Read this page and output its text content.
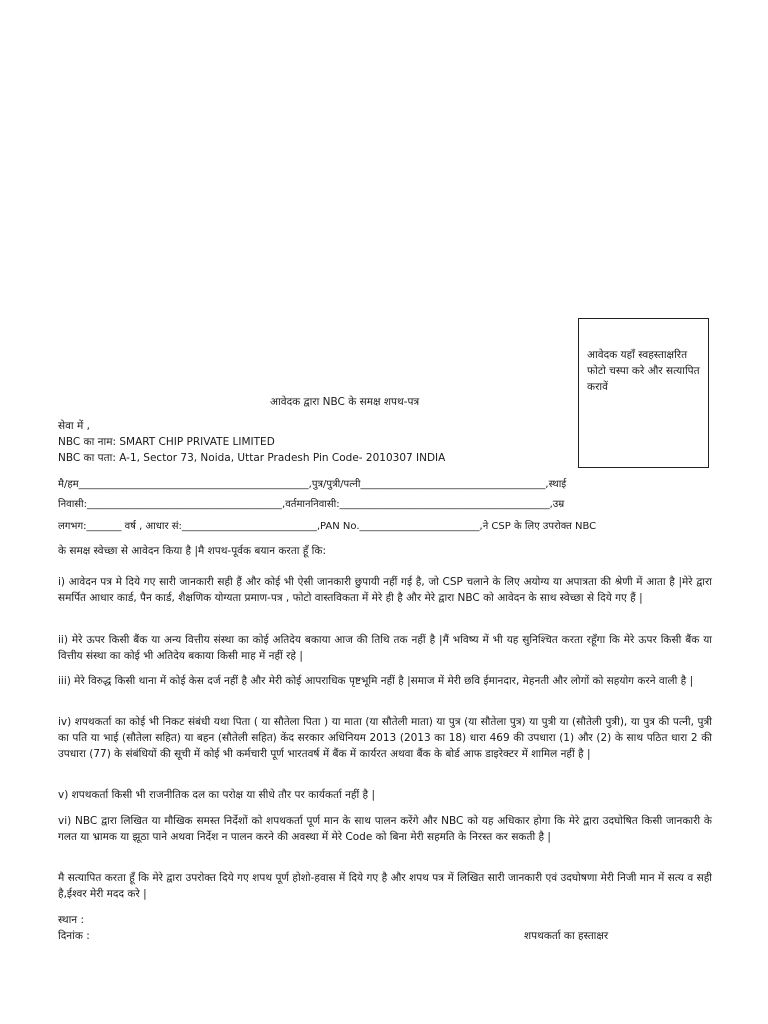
आवेदक यहाँ स्वहस्ताक्षरित फोटो चस्पा करे और सत्यापित करावें
आवेदक द्वारा NBC के समक्ष शपथ-पत्र
सेवा में ,
NBC का नाम: SMART CHIP PRIVATE LIMITED
NBC का पता: A-1, Sector 73, Noida, Uttar Pradesh Pin Code- 2010307 INDIA
मै/हम______________________________________________,पुत्र/पुत्री/पत्नी_____________________________________,स्थाई
निवासी:_______________________________________,वर्तमाननिवासी:__________________________________________,उम्र
लगभग:_______ वर्ष , आधार सं:___________________________,PAN No.________________________,ने CSP के लिए उपरोक्त NBC
के समक्ष स्वेच्छा से आवेदन किया है |मै शपथ-पूर्वक बयान करता हूँ कि:

i) आवेदन पत्र मे दिये गए सारी जानकारी सही हैं और कोई भी ऐसी जानकारी छुपायी नहीं गई है, जो CSP चलाने के लिए अयोग्य या अपात्रता की श्रेणी में आता है |मेरे द्वारा समर्पित आधार कार्ड, पैन कार्ड, शैक्षणिक योग्यता प्रमाण-पत्र , फोटो वास्तविकता में मेरे ही है और मेरे द्वारा NBC को आवेदन के साथ स्वेच्छा से दिये गए हैं |

ii) मेरे ऊपर किसी बैंक या अन्य वित्तीय संस्था का कोई अतिदेय बकाया आज की तिथि तक नहीं है |मैं भविष्य में भी यह सुनिश्चित करता रहूँगा कि मेरे ऊपर किसी बैंक या वित्तीय संस्था का कोई भी अतिदेय बकाया किसी माह में नहीं रहे |

iii) मेरे विरुद्ध किसी थाना में कोई केस दर्ज नहीं है और मेरी कोई आपराधिक पृष्टभूमि नहीं है |समाज में मेरी छवि ईमानदार, मेहनती और लोगों को सहयोग करने वाली है |

iv) शपथकर्ता का कोई भी निकट संबंधी यथा पिता ( या सौतेला पिता ) या माता (या सौतेली माता) या पुत्र (या सौतेला पुत्र) या पुत्री या (सौतेली पुत्री), या पुत्र की पत्नी, पुत्री का पति या भाई (सौतेला सहित) या बहन (सौतेली सहित) केंद सरकार अधिनियम 2013 (2013 का 18) धारा 469 की उपधारा (1) और (2) के साथ पठित धारा 2 की उपधारा (77) के संबंधियों की सूची में कोई भी कर्मचारी पूर्ण भारतवर्ष में बैंक में कार्यरत अथवा बैंक के बोर्ड आफ डाइरेक्टर में शामिल नहीं है |

v) शपथकर्ता किसी भी राजनीतिक दल का परोक्ष या सीधे तौर पर कार्यकर्ता नहीं है |

vi) NBC द्वारा लिखित या मौखिक समस्त निर्देशों को शपथकर्ता पूर्ण मान के साथ पालन करेंगे और NBC को यह अधिकार होगा कि मेरे द्वारा उदघोषित किसी जानकारी के गलत या भ्रामक या झूठा पाने अथवा निर्देश न पालन करने की अवस्था में मेरे Code को बिना मेरी सहमति के निरस्त कर सकती है |

मै सत्यापित करता हूँ कि मेरे द्वारा उपरोक्त दिये गए शपथ पूर्ण होशो-हवास में दिये गए है और शपथ पत्र में लिखित सारी जानकारी एवं उदघोषणा मेरी निजी मान में सत्य व सही है,ईश्वर मेरी मदद करे |

स्थान :
दिनांक :	शपथकर्ता का हस्ताक्षर
